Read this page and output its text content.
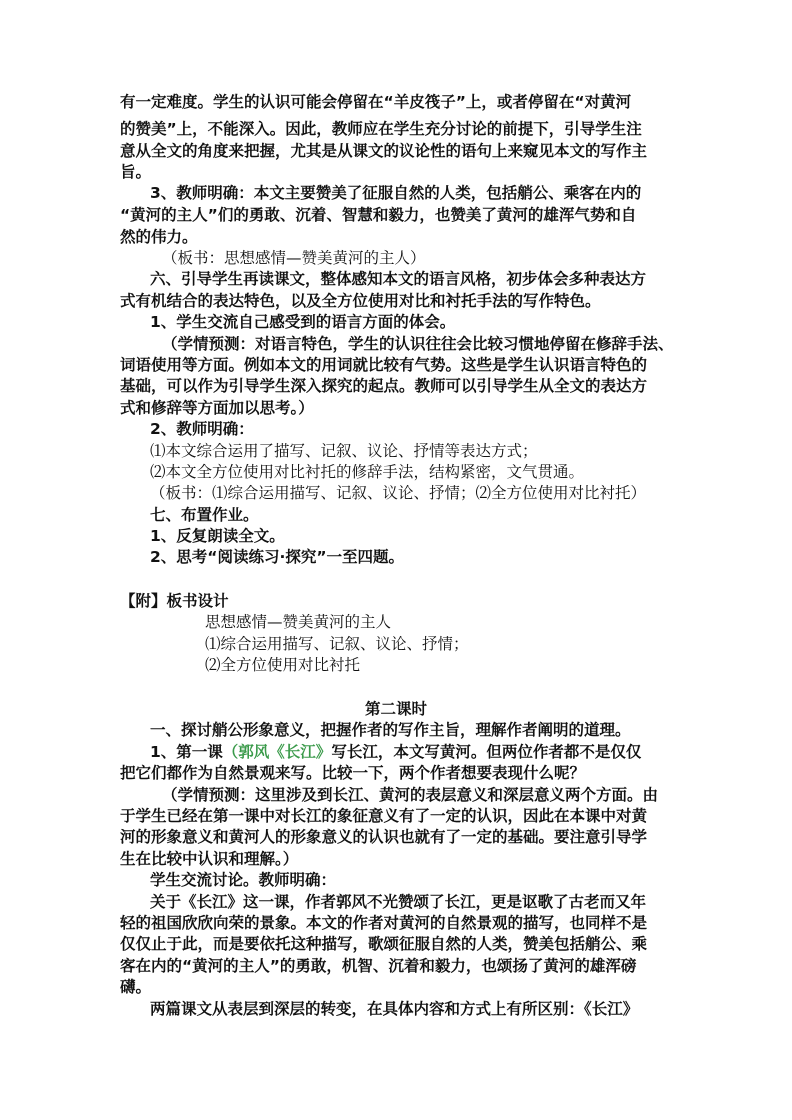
有一定难度。学生的认识可能会停留在“羊皮筏子”上，或者停留在“对黄河
的赞美”上，不能深入。因此，教师应在学生充分讨论的前提下，引导学生注
意从全文的角度来把握，尤其是从课文的议论性的语句上来窥见本文的写作主
旨。
3、教师明确：本文主要赞美了征服自然的人类，包括艄公、乘客在内的
“黄河的主人”们的勇敢、沉着、智慧和毅力，也赞美了黄河的雄浑气势和自
然的伟力。
（板书：思想感情—赞美黄河的主人）
六、引导学生再读课文，整体感知本文的语言风格，初步体会多种表达方
式有机结合的表达特色，以及全方位使用对比和衬托手法的写作特色。
1、学生交流自己感受到的语言方面的体会。
（学情预测：对语言特色，学生的认识往往会比较习惯地停留在修辞手法、
词语使用等方面。例如本文的用词就比较有气势。这些是学生认识语言特色的
基础，可以作为引导学生深入探究的起点。教师可以引导学生从全文的表达方
式和修辞等方面加以思考。）
2、教师明确：
⑴本文综合运用了描写、记叙、议论、抒情等表达方式；
⑵本文全方位使用对比衬托的修辞手法，结构紧密，文气贯通。
（板书：⑴综合运用描写、记叙、议论、抒情；⑵全方位使用对比衬托）
七、布置作业。
1、反复朗读全文。
2、思考“阅读练习·探究”一至四题。
【附】板书设计
思想感情—赞美黄河的主人
⑴综合运用描写、记叙、议论、抒情；
⑵全方位使用对比衬托
第二课时
一、探讨艄公形象意义，把握作者的写作主旨，理解作者阐明的道理。
1、第一课（郭风《长江》写长江，本文写黄河。但两位作者都不是仅仅
把它们都作为自然景观来写。比较一下，两个作者想要表现什么呢？
（学情预测：这里涉及到长江、黄河的表层意义和深层意义两个方面。由
于学生已经在第一课中对长江的象征意义有了一定的认识，因此在本课中对黄
河的形象意义和黄河人的形象意义的认识也就有了一定的基础。要注意引导学
生在比较中认识和理解。）
学生交流讨论。教师明确：
关于《长江》这一课，作者郭风不光赞颂了长江，更是讴歌了古老而又年
轻的祖国欣欣向荣的景象。本文的作者对黄河的自然景观的描写，也同样不是
仅仅止于此，而是要依托这种描写，歌颂征服自然的人类，赞美包括艄公、乘
客在内的“黄河的主人”的勇敢，机智、沉着和毅力，也颂扬了黄河的雄浑磅
礴。
两篇课文从表层到深层的转变，在具体内容和方式上有所区别：《长江》
